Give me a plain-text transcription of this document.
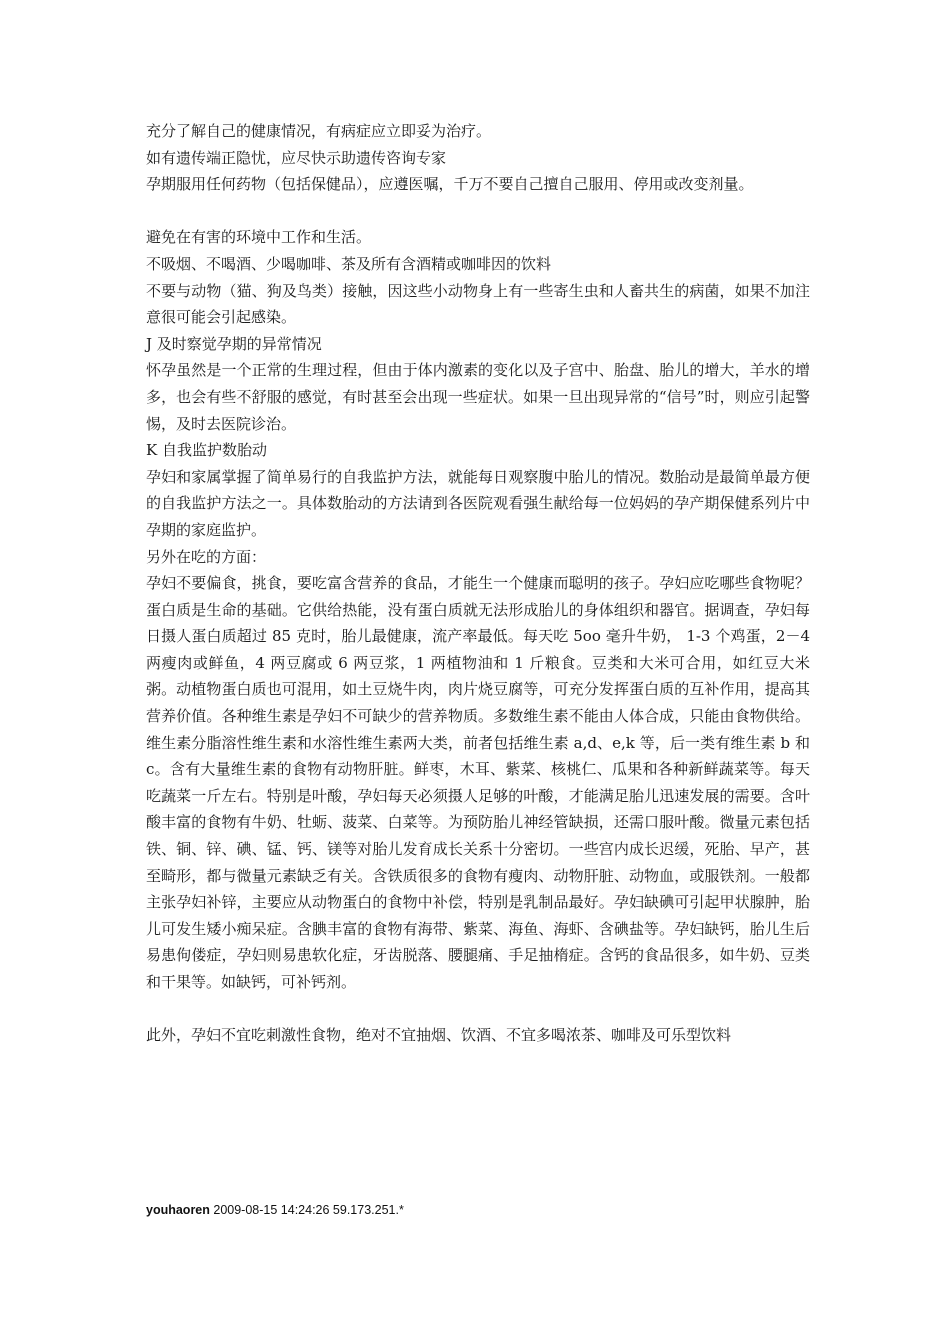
充分了解自己的健康情况，有病症应立即妥为治疗。

如有遗传端正隐忧，应尽快示助遗传咨询专家

孕期服用任何药物（包括保健品），应遵医嘱，千万不要自己擅自己服用、停用或改变剂量。

避免在有害的环境中工作和生活。

不吸烟、不喝酒、少喝咖啡、茶及所有含酒精或咖啡因的饮料

不要与动物（猫、狗及鸟类）接触，因这些小动物身上有一些寄生虫和人畜共生的病菌，如果不加注意很可能会引起感染。

J 及时察觉孕期的异常情况

怀孕虽然是一个正常的生理过程，但由于体内激素的变化以及子宫中、胎盘、胎儿的增大，羊水的增多，也会有些不舒服的感觉，有时甚至会出现一些症状。如果一旦出现异常的“信号”时，则应引起警惕，及时去医院诊治。

K 自我监护数胎动

孕妇和家属掌握了简单易行的自我监护方法，就能每日观察腹中胎儿的情况。数胎动是最简单最方便的自我监护方法之一。具体数胎动的方法请到各医院观看强生献给每一位妈妈的孕产期保健系列片中孕期的家庭监护。

另外在吃的方面：

孕妇不要偏食，挑食，要吃富含营养的食品，才能生一个健康而聪明的孩子。孕妇应吃哪些食物呢？蛋白质是生命的基础。它供给热能，没有蛋白质就无法形成胎儿的身体组织和器官。据调查，孕妇每日摄人蛋白质超过 85 克时，胎儿最健康，流产率最低。每天吃 5oo 毫升牛奶， 1-3 个鸡蛋，2－4 两瘦肉或鲜鱼，4 两豆腐或 6 两豆浆，1 两植物油和 1 斤粮食。豆类和大米可合用，如红豆大米粥。动植物蛋白质也可混用，如土豆烧牛肉，肉片烧豆腐等，可充分发挥蛋白质的互补作用，提高其营养价值。各种维生素是孕妇不可缺少的营养物质。多数维生素不能由人体合成，只能由食物供给。维生素分脂溶性维生素和水溶性维生素两大类，前者包括维生素 a,d、e,k 等，后一类有维生素 b 和 c。含有大量维生素的食物有动物肝脏。鲜枣，木耳、紫菜、核桃仁、瓜果和各种新鲜蔬菜等。每天吃蔬菜一斤左右。特别是叶酸，孕妇每天必须摄人足够的叶酸，才能满足胎儿迅速发展的需要。含叶酸丰富的食物有牛奶、牡蛎、菠菜、白菜等。为预防胎儿神经管缺损，还需口服叶酸。微量元素包括铁、铜、锌、碘、锰、钙、镁等对胎儿发育成长关系十分密切。一些宫内成长迟缓，死胎、早产，甚至畸形，都与微量元素缺乏有关。含铁质很多的食物有瘦肉、动物肝脏、动物血，或服铁剂。一般都主张孕妇补锌，主要应从动物蛋白的食物中补偿，特别是乳制品最好。孕妇缺碘可引起甲状腺肿，胎儿可发生矮小痴呆症。含腆丰富的食物有海带、紫菜、海鱼、海虾、含碘盐等。孕妇缺钙，胎儿生后易患佝偻症，孕妇则易患软化症，牙齿脱落、腰腿痛、手足抽楕症。含钙的食品很多，如牛奶、豆类和干果等。如缺钙，可补钙剂。

此外，孕妇不宜吃刺激性食物，绝对不宜抽烟、饮酒、不宜多喝浓茶、咖啡及可乐型饮料

youhaoren 2009-08-15 14:24:26 59.173.251.*
